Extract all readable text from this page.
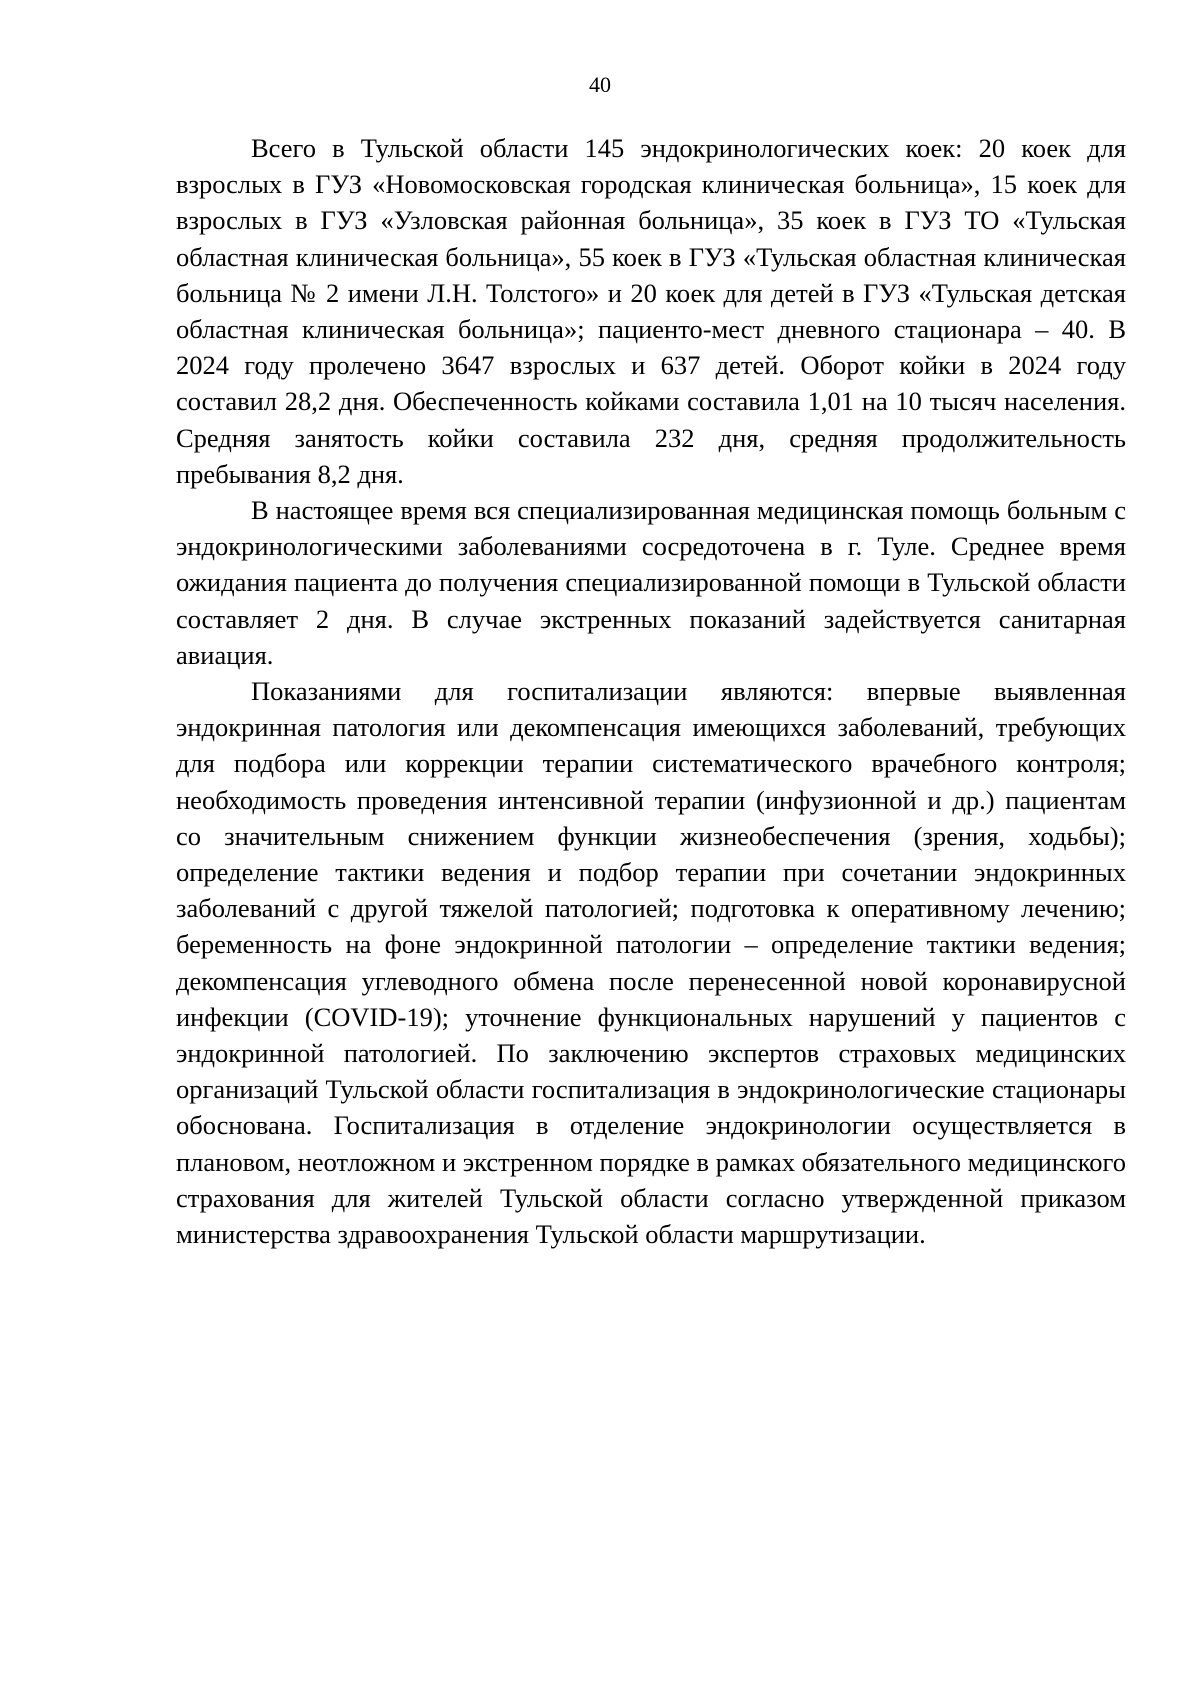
40

Всего в Тульской области 145 эндокринологических коек: 20 коек для взрослых в ГУЗ «Новомосковская городская клиническая больница», 15 коек для взрослых в ГУЗ «Узловская районная больница», 35 коек в ГУЗ ТО «Тульская областная клиническая больница», 55 коек в ГУЗ «Тульская областная клиническая больница № 2 имени Л.Н. Толстого» и 20 коек для детей в ГУЗ «Тульская детская областная клиническая больница»; пациенто-мест дневного стационара – 40. В 2024 году пролечено 3647 взрослых и 637 детей. Оборот койки в 2024 году составил 28,2 дня. Обеспеченность койками составила 1,01 на 10 тысяч населения. Средняя занятость койки составила 232 дня, средняя продолжительность пребывания 8,2 дня.

В настоящее время вся специализированная медицинская помощь больным с эндокринологическими заболеваниями сосредоточена в г. Туле. Среднее время ожидания пациента до получения специализированной помощи в Тульской области составляет 2 дня. В случае экстренных показаний задействуется санитарная авиация.

Показаниями для госпитализации являются: впервые выявленная эндокринная патология или декомпенсация имеющихся заболеваний, требующих для подбора или коррекции терапии систематического врачебного контроля; необходимость проведения интенсивной терапии (инфузионной и др.) пациентам со значительным снижением функции жизнеобеспечения (зрения, ходьбы); определение тактики ведения и подбор терапии при сочетании эндокринных заболеваний с другой тяжелой патологией; подготовка к оперативному лечению; беременность на фоне эндокринной патологии – определение тактики ведения; декомпенсация углеводного обмена после перенесенной новой коронавирусной инфекции (COVID-19); уточнение функциональных нарушений у пациентов с эндокринной патологией. По заключению экспертов страховых медицинских организаций Тульской области госпитализация в эндокринологические стационары обоснована. Госпитализация в отделение эндокринологии осуществляется в плановом, неотложном и экстренном порядке в рамках обязательного медицинского страхования для жителей Тульской области согласно утвержденной приказом министерства здравоохранения Тульской области маршрутизации.
